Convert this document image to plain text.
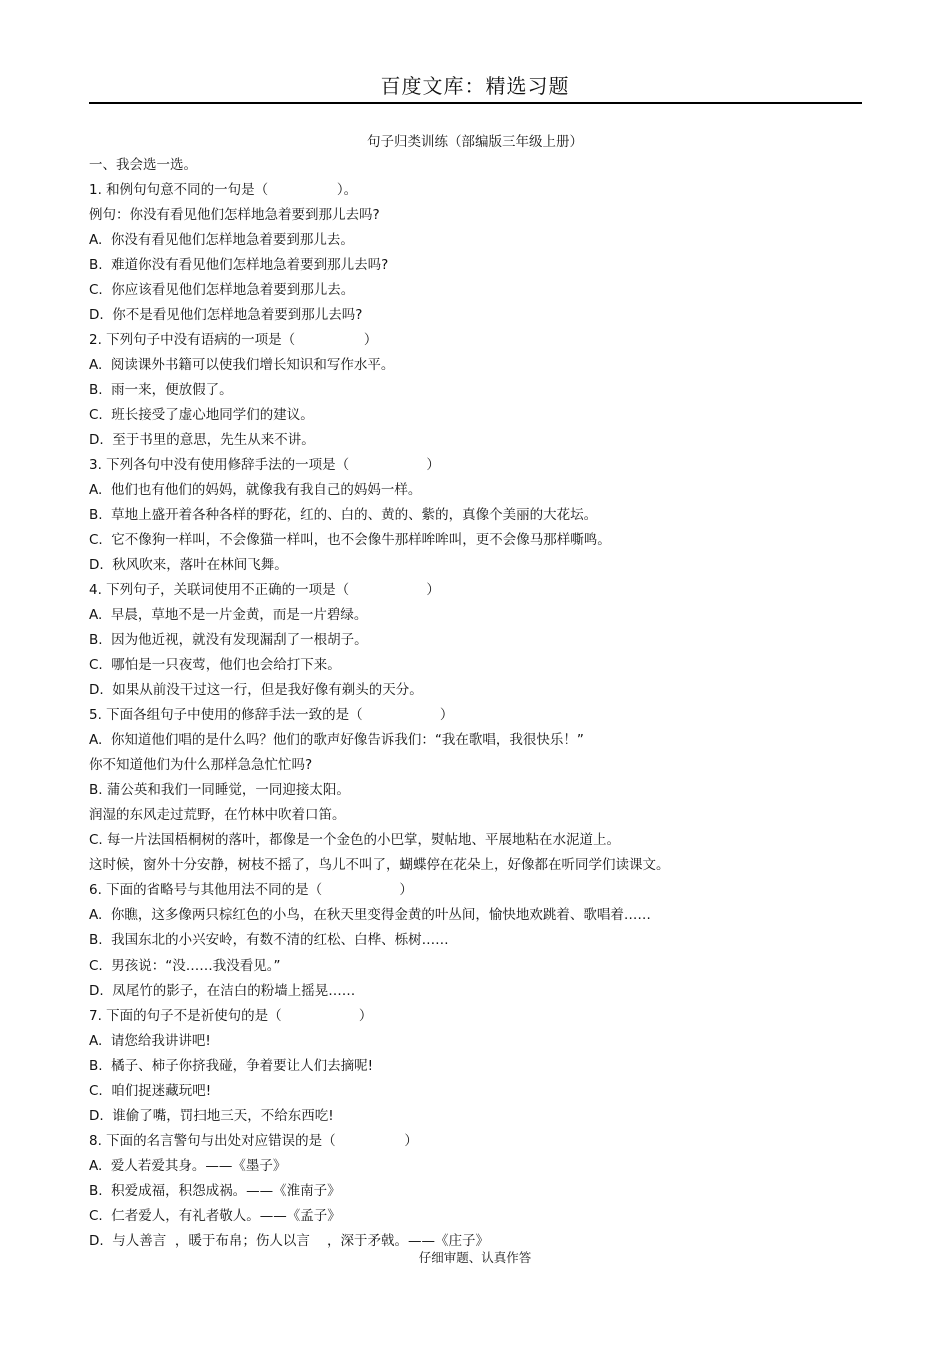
百度文库：精选习题
句子归类训练（部编版三年级上册）
一、我会选一选。
1. 和例句句意不同的一句是（                ）。
例句：你没有看见他们怎样地急着要到那儿去吗?
A.  你没有看见他们怎样地急着要到那儿去。
B.  难道你没有看见他们怎样地急着要到那儿去吗?
C.  你应该看见他们怎样地急着要到那儿去。
D.  你不是看见他们怎样地急着要到那儿去吗?
2. 下列句子中没有语病的一项是（                ）
A.  阅读课外书籍可以使我们增长知识和写作水平。
B.  雨一来，便放假了。
C.  班长接受了虚心地同学们的建议。
D.  至于书里的意思，先生从来不讲。
3. 下列各句中没有使用修辞手法的一项是（                  ）
A.  他们也有他们的妈妈，就像我有我自己的妈妈一样。
B.  草地上盛开着各种各样的野花，红的、白的、黄的、紫的，真像个美丽的大花坛。
C.  它不像狗一样叫，不会像猫一样叫，也不会像牛那样哞哞叫，更不会像马那样嘶鸣。
D.  秋风吹来，落叶在林间飞舞。
4. 下列句子，关联词使用不正确的一项是（                  ）
A.  早晨，草地不是一片金黄，而是一片碧绿。
B.  因为他近视，就没有发现漏刮了一根胡子。
C.  哪怕是一只夜莺，他们也会给打下来。
D.  如果从前没干过这一行，但是我好像有剃头的天分。
5. 下面各组句子中使用的修辞手法一致的是（                  ）
A.  你知道他们唱的是什么吗？他们的歌声好像告诉我们：“我在歌唱，我很快乐！”
你不知道他们为什么那样急急忙忙吗?
B. 蒲公英和我们一同睡觉，一同迎接太阳。
润湿的东风走过荒野，在竹林中吹着口笛。
C. 每一片法国梧桐树的落叶，都像是一个金色的小巴掌，熨帖地、平展地粘在水泥道上。
这时候，窗外十分安静，树枝不摇了，鸟儿不叫了，蝴蝶停在花朵上，好像都在听同学们读课文。
6. 下面的省略号与其他用法不同的是（                  ）
A.  你瞧，这多像两只棕红色的小鸟，在秋天里变得金黄的叶丛间，愉快地欢跳着、歌唱着……
B.  我国东北的小兴安岭，有数不清的红松、白桦、栎树……
C.  男孩说：“没……我没看见。”
D.  凤尾竹的影子，在洁白的粉墙上摇晃……
7. 下面的句子不是祈使句的是（                  ）
A.  请您给我讲讲吧!
B.  橘子、柿子你挤我碰，争着要让人们去摘呢!
C.  咱们捉迷藏玩吧!
D.  谁偷了嘴，罚扫地三天，不给东西吃!
8. 下面的名言警句与出处对应错误的是（                ）
A.  爱人若爱其身。——《墨子》
B.  积爱成福，积怨成祸。——《淮南子》
C.  仁者爱人，有礼者敬人。——《孟子》
D.  与人善言  ，暖于布帛；伤人以言    ，深于矛戟。——《庄子》
仔细审题、认真作答
